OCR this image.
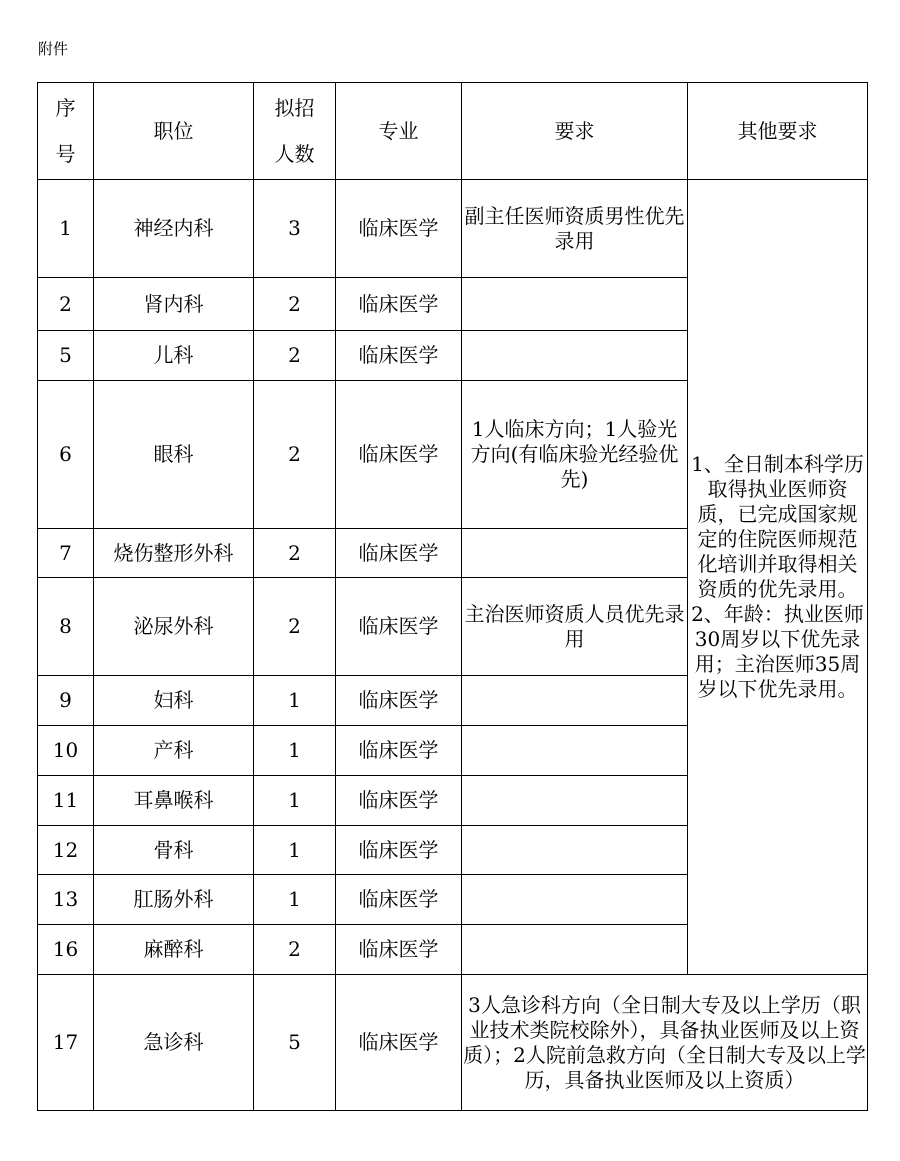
附件
序号	职位	拟招人数	专业	要求	其他要求
1	神经内科	3	临床医学	副主任医师资质男性优先录用	1、全日制本科学历取得执业医师资质，已完成国家规定的住院医师规范化培训并取得相关资质的优先录用。2、年龄：执业医师30周岁以下优先录用；主治医师35周岁以下优先录用。
2	肾内科	2	临床医学		
5	儿科	2	临床医学		
6	眼科	2	临床医学	1人临床方向；1人验光方向(有临床验光经验优先)	
7	烧伤整形外科	2	临床医学		
8	泌尿外科	2	临床医学	主治医师资质人员优先录用	
9	妇科	1	临床医学		
10	产科	1	临床医学		
11	耳鼻喉科	1	临床医学		
12	骨科	1	临床医学		
13	肛肠外科	1	临床医学		
16	麻醉科	2	临床医学		
17	急诊科	5	临床医学	3人急诊科方向（全日制大专及以上学历（职业技术类院校除外），具备执业医师及以上资质）；2人院前急救方向（全日制大专及以上学历，具备执业医师及以上资质）	
